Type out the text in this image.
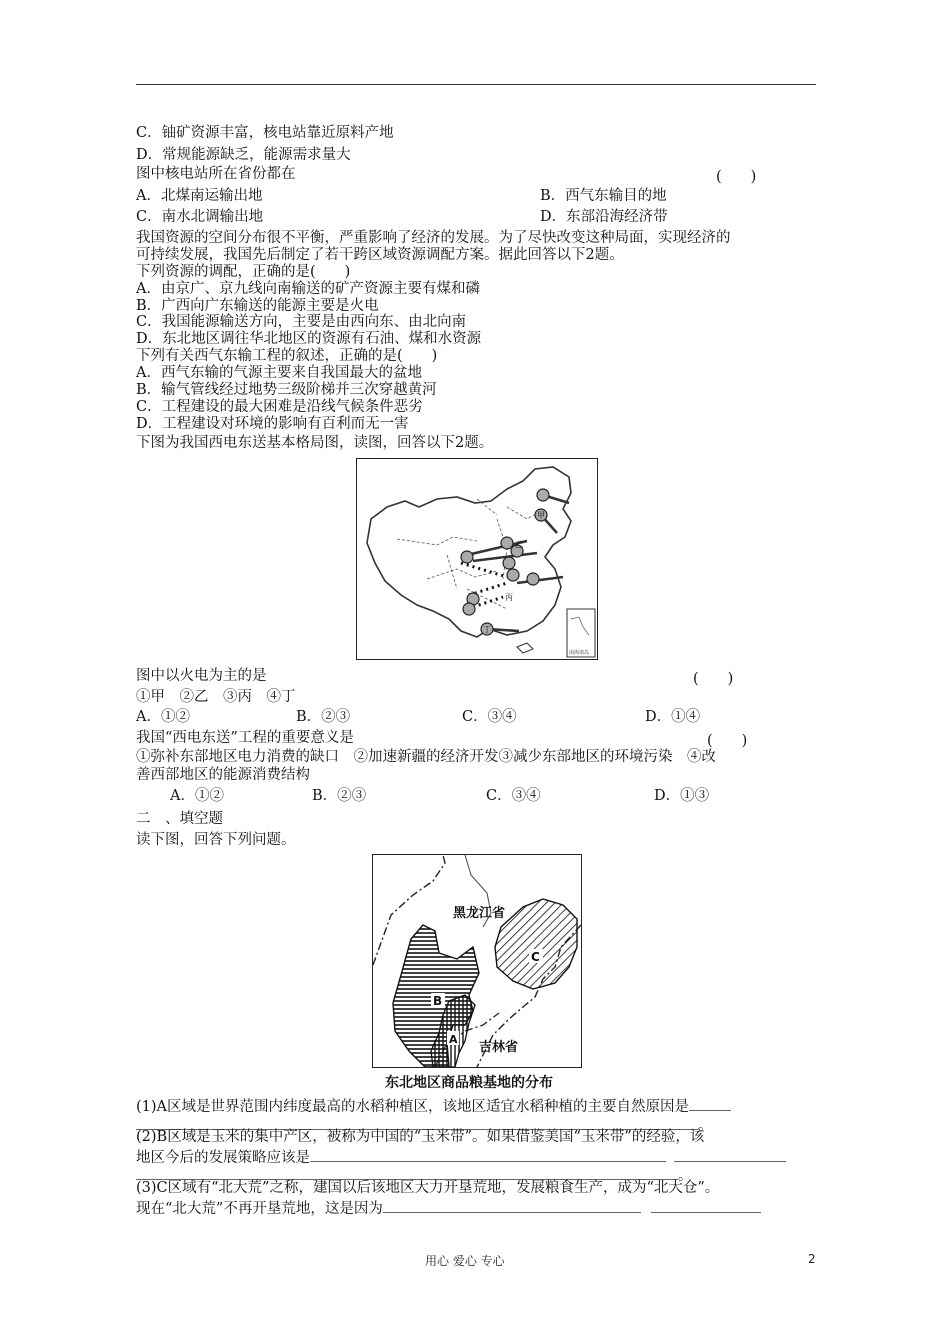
C．铀矿资源丰富，核电站靠近原料产地
D．常规能源缺乏，能源需求量大
图中核电站所在省份都在	(　　)
A．北煤南运输出地	B．西气东输目的地
C．南水北调输出地	D．东部沿海经济带
我国资源的空间分布很不平衡，严重影响了经济的发展。为了尽快改变这种局面，实现经济的
可持续发展，我国先后制定了若干跨区域资源调配方案。据此回答以下2题。
下列资源的调配，正确的是(　　)
A．由京广、京九线向南输送的矿产资源主要有煤和磷
B．广西向广东输送的能源主要是火电
C．我国能源输送方向，主要是由西向东、由北向南
D．东北地区调往华北地区的资源有石油、煤和水资源
下列有关西气东输工程的叙述，正确的是(　　)
A．西气东输的气源主要来自我国最大的盆地
B．输气管线经过地势三级阶梯并三次穿越黄河
C．工程建设的最大困难是沿线气候条件恶劣
D．工程建设对环境的影响有百利而无一害
下图为我国西电东送基本格局图，读图，回答以下2题。
南海诸岛
甲
乙
丙
丁
图中以火电为主的是	(　　)
①甲　②乙　③丙　④丁
A．①②	B．②③	C．③④	D．①④
我国“西电东送”工程的重要意义是	(　　)
①弥补东部地区电力消费的缺口　②加速新疆的经济开发③减少东部地区的环境污染　④改
善西部地区的能源消费结构
A．①②	B．②③	C．③④	D．①③
二　、填空题
读下图，回答下列问题。
黑龙江省
吉林省
B
A
C
东北地区商品粮基地的分布
(1)A区域是世界范围内纬度最高的水稻种植区，该地区适宜水稻种植的主要自然原因是
。
(2)B区域是玉米的集中产区，被称为中国的“玉米带”。如果借鉴美国“玉米带”的经验，该
地区今后的发展策略应该是
。
(3)C区域有“北大荒”之称，建国以后该地区大力开垦荒地，发展粮食生产，成为“北大仓”。
现在“北大荒”不再开垦荒地，这是因为
用心 爱心 专心	2
